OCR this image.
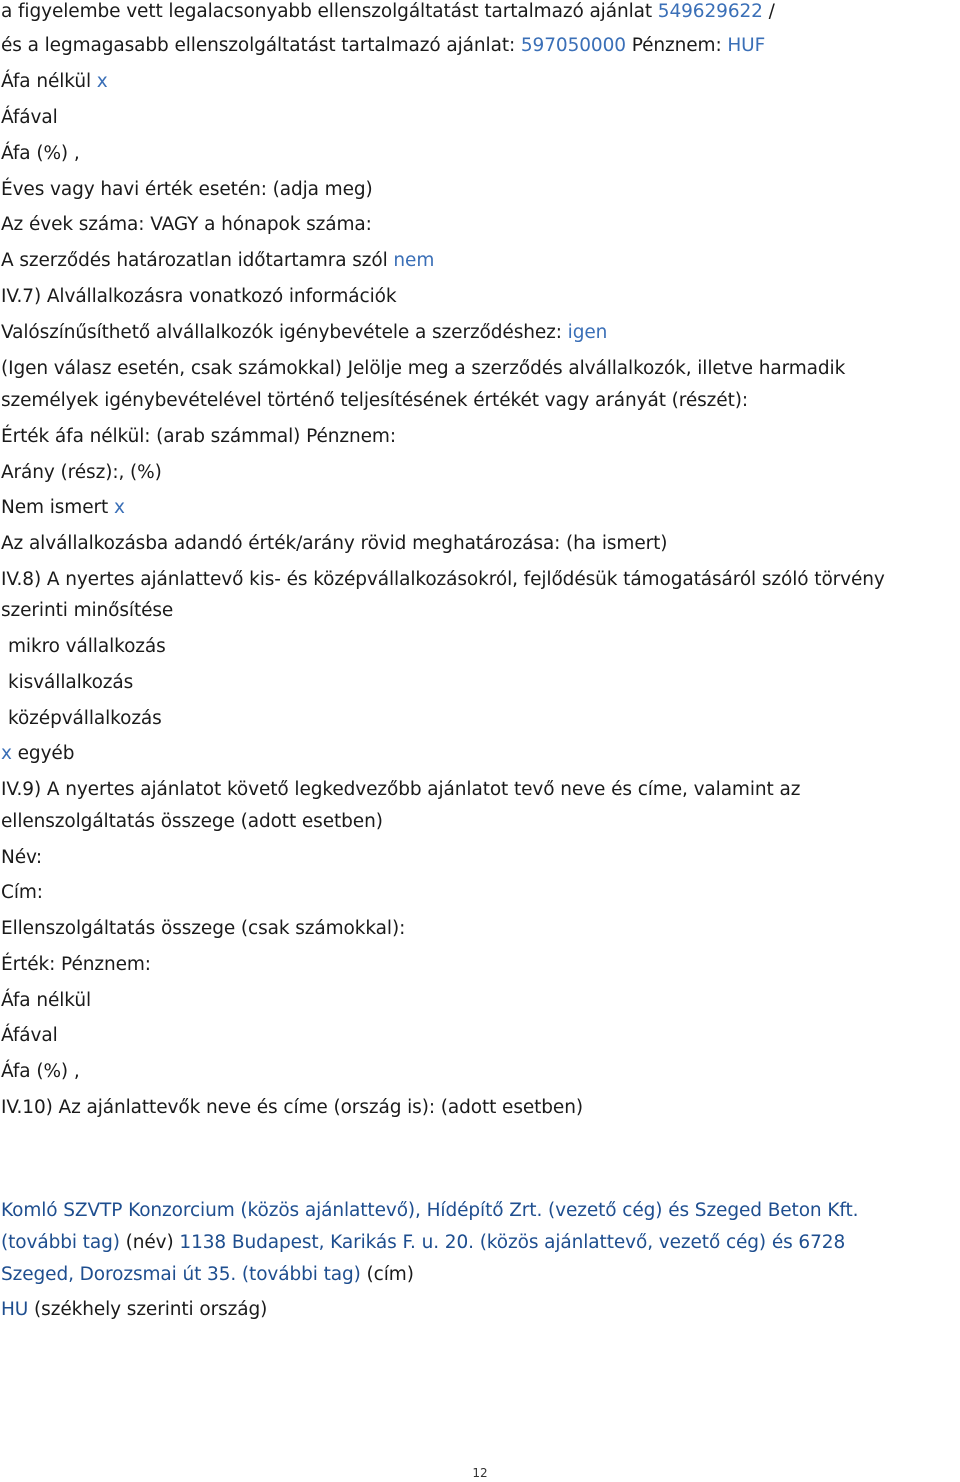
a figyelembe vett legalacsonyabb ellenszolgáltatást tartalmazó ajánlat 549629622 /
és a legmagasabb ellenszolgáltatást tartalmazó ajánlat: 597050000 Pénznem: HUF
Áfa nélkül x
Áfával
Áfa (%) ,
Éves vagy havi érték esetén: (adja meg)
Az évek száma: VAGY a hónapok száma:
A szerződés határozatlan időtartamra szól nem
IV.7) Alvállalkozásra vonatkozó információk
Valószínűsíthető alvállalkozók igénybevétele a szerződéshez: igen
(Igen válasz esetén, csak számokkal) Jelölje meg a szerződés alvállalkozók, illetve harmadik
személyek igénybevételével történő teljesítésének értékét vagy arányát (részét):
Érték áfa nélkül: (arab számmal) Pénznem:
Arány (rész):, (%)
Nem ismert x
Az alvállalkozásba adandó érték/arány rövid meghatározása: (ha ismert)
IV.8) A nyertes ajánlattevő kis- és középvállalkozásokról, fejlődésük támogatásáról szóló törvény
szerinti minősítése
mikro vállalkozás
kisvállalkozás
középvállalkozás
x egyéb
IV.9) A nyertes ajánlatot követő legkedvezőbb ajánlatot tevő neve és címe, valamint az
ellenszolgáltatás összege (adott esetben)
Név:
Cím:
Ellenszolgáltatás összege (csak számokkal):
Érték: Pénznem:
Áfa nélkül
Áfával
Áfa (%) ,
IV.10) Az ajánlattevők neve és címe (ország is): (adott esetben)
Komló SZVTP Konzorcium (közös ajánlattevő), Hídépítő Zrt. (vezető cég) és Szeged Beton Kft.
(további tag) (név) 1138 Budapest, Karikás F. u. 20. (közös ajánlattevő, vezető cég) és 6728
Szeged, Dorozsmai út 35. (további tag) (cím)
HU (székhely szerinti ország)
12
